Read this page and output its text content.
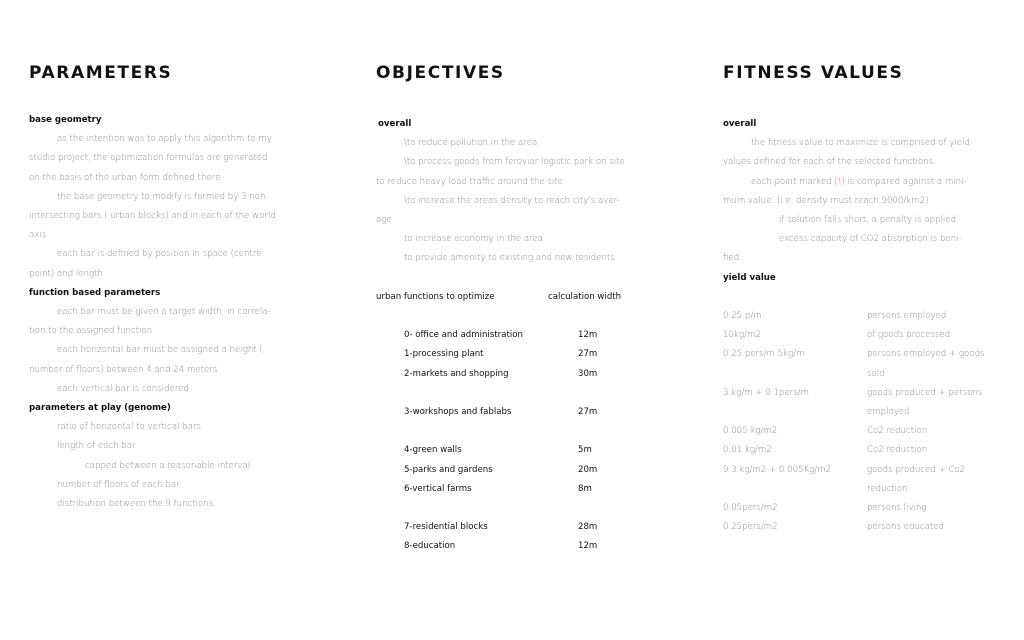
PARAMETERS
base geometry
as the intention was to apply this algorithm to my
studio project, the optimization formulas are generated
on the basis of the urban form defined there
the base geometry to modify is formed by 3 non
intersecting bars ( urban blocks) and in each of the world
axis
each bar is defined by position in space (centre
point) and length
function based parameters
each bar must be given a target width, in correla-
tion to the assigned function
each horizontal bar must be assigned a height (
number of floors) between 4 and 24 meters
each vertical bar is considered
parameters at play (genome)
ratio of horizontal to vertical bars
length of each bar
capped between a reasonable interval
number of floors of each bar
distribution between the 9 functions
OBJECTIVES
overall
\to reduce pollution in the area
\to process goods from feroviar logistic park on site
to reduce heavy load traffic around the site
\to increase the areas density to reach city's aver-
age
to increase economy in the area
to provide amenity to existing and new residents
urban functions to optimize	calculation width
0- office and administration	12m
1-processing plant	27m
2-markets and shopping	30m
3-workshops and fablabs	27m
4-green walls	5m
5-parks and gardens	20m
6-vertical farms	8m
7-residential blocks	28m
8-education	12m
FITNESS VALUES
overall
the fitness value to maximize is comprised of yield
values defined for each of the selected functions.
each point marked (!) is compared against a mini-
mum value. (i.e. density must reach 9000/km2)
if solution falls short, a penalty is applied
excess capacity of CO2 absorption is boni-
fied.
yield value
0.25 p/m	persons employed
10kg/m2	of goods processed
0.25 pers/m 5kg/m	persons employed + goods
sold
3 kg/m + 0.1pers/m	goods produced + persons
employed
0.005 kg/m2	Co2 reduction
0.01 kg/m2	Co2 reduction
9.3 kg/m2 + 0.005Kg/m2	goods produced + Co2
reduction
0.05pers/m2	persons living
0.25pers/m2	persons educated
